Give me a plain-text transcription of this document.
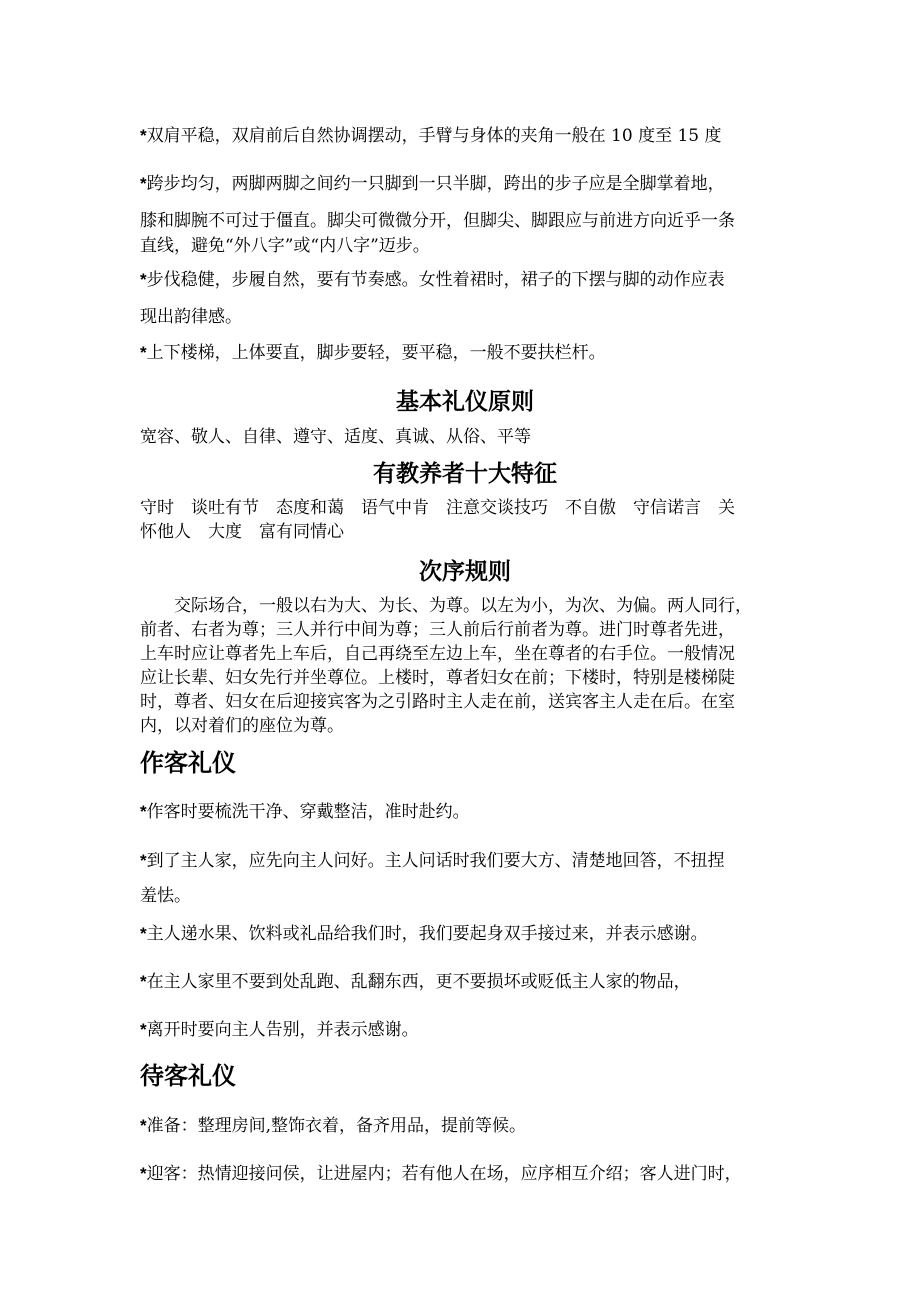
*双肩平稳，双肩前后自然协调摆动，手臂与身体的夹角一般在 10 度至 15 度
*跨步均匀，两脚两脚之间约一只脚到一只半脚，跨出的步子应是全脚掌着地，
膝和脚腕不可过于僵直。脚尖可微微分开，但脚尖、脚跟应与前进方向近乎一条
直线，避免“外八字”或“内八字”迈步。
*步伐稳健，步履自然，要有节奏感。女性着裙时，裙子的下摆与脚的动作应表
现出韵律感。
*上下楼梯，上体要直，脚步要轻，要平稳，一般不要扶栏杆。
基本礼仪原则
宽容、敬人、自律、遵守、适度、真诚、从俗、平等
有教养者十大特征
守时　谈吐有节　态度和蔼　语气中肯　注意交谈技巧　不自傲　守信诺言　关
怀他人　大度　富有同情心
次序规则
　　交际场合，一般以右为大、为长、为尊。以左为小，为次、为偏。两人同行，
前者、右者为尊；三人并行中间为尊；三人前后行前者为尊。进门时尊者先进，
上车时应让尊者先上车后，自己再绕至左边上车，坐在尊者的右手位。一般情况
应让长辈、妇女先行并坐尊位。上楼时，尊者妇女在前；下楼时，特别是楼梯陡
时，尊者、妇女在后迎接宾客为之引路时主人走在前，送宾客主人走在后。在室
内，以对着们的座位为尊。
作客礼仪
*作客时要梳洗干净、穿戴整洁，准时赴约。
*到了主人家，应先向主人问好。主人问话时我们要大方、清楚地回答，不扭捏
羞怯。
*主人递水果、饮料或礼品给我们时，我们要起身双手接过来，并表示感谢。
*在主人家里不要到处乱跑、乱翻东西，更不要损坏或贬低主人家的物品，
*离开时要向主人告别，并表示感谢。
待客礼仪
*准备：整理房间,整饰衣着，备齐用品，提前等候。
*迎客：热情迎接问侯，让进屋内；若有他人在场，应序相互介绍；客人进门时，
